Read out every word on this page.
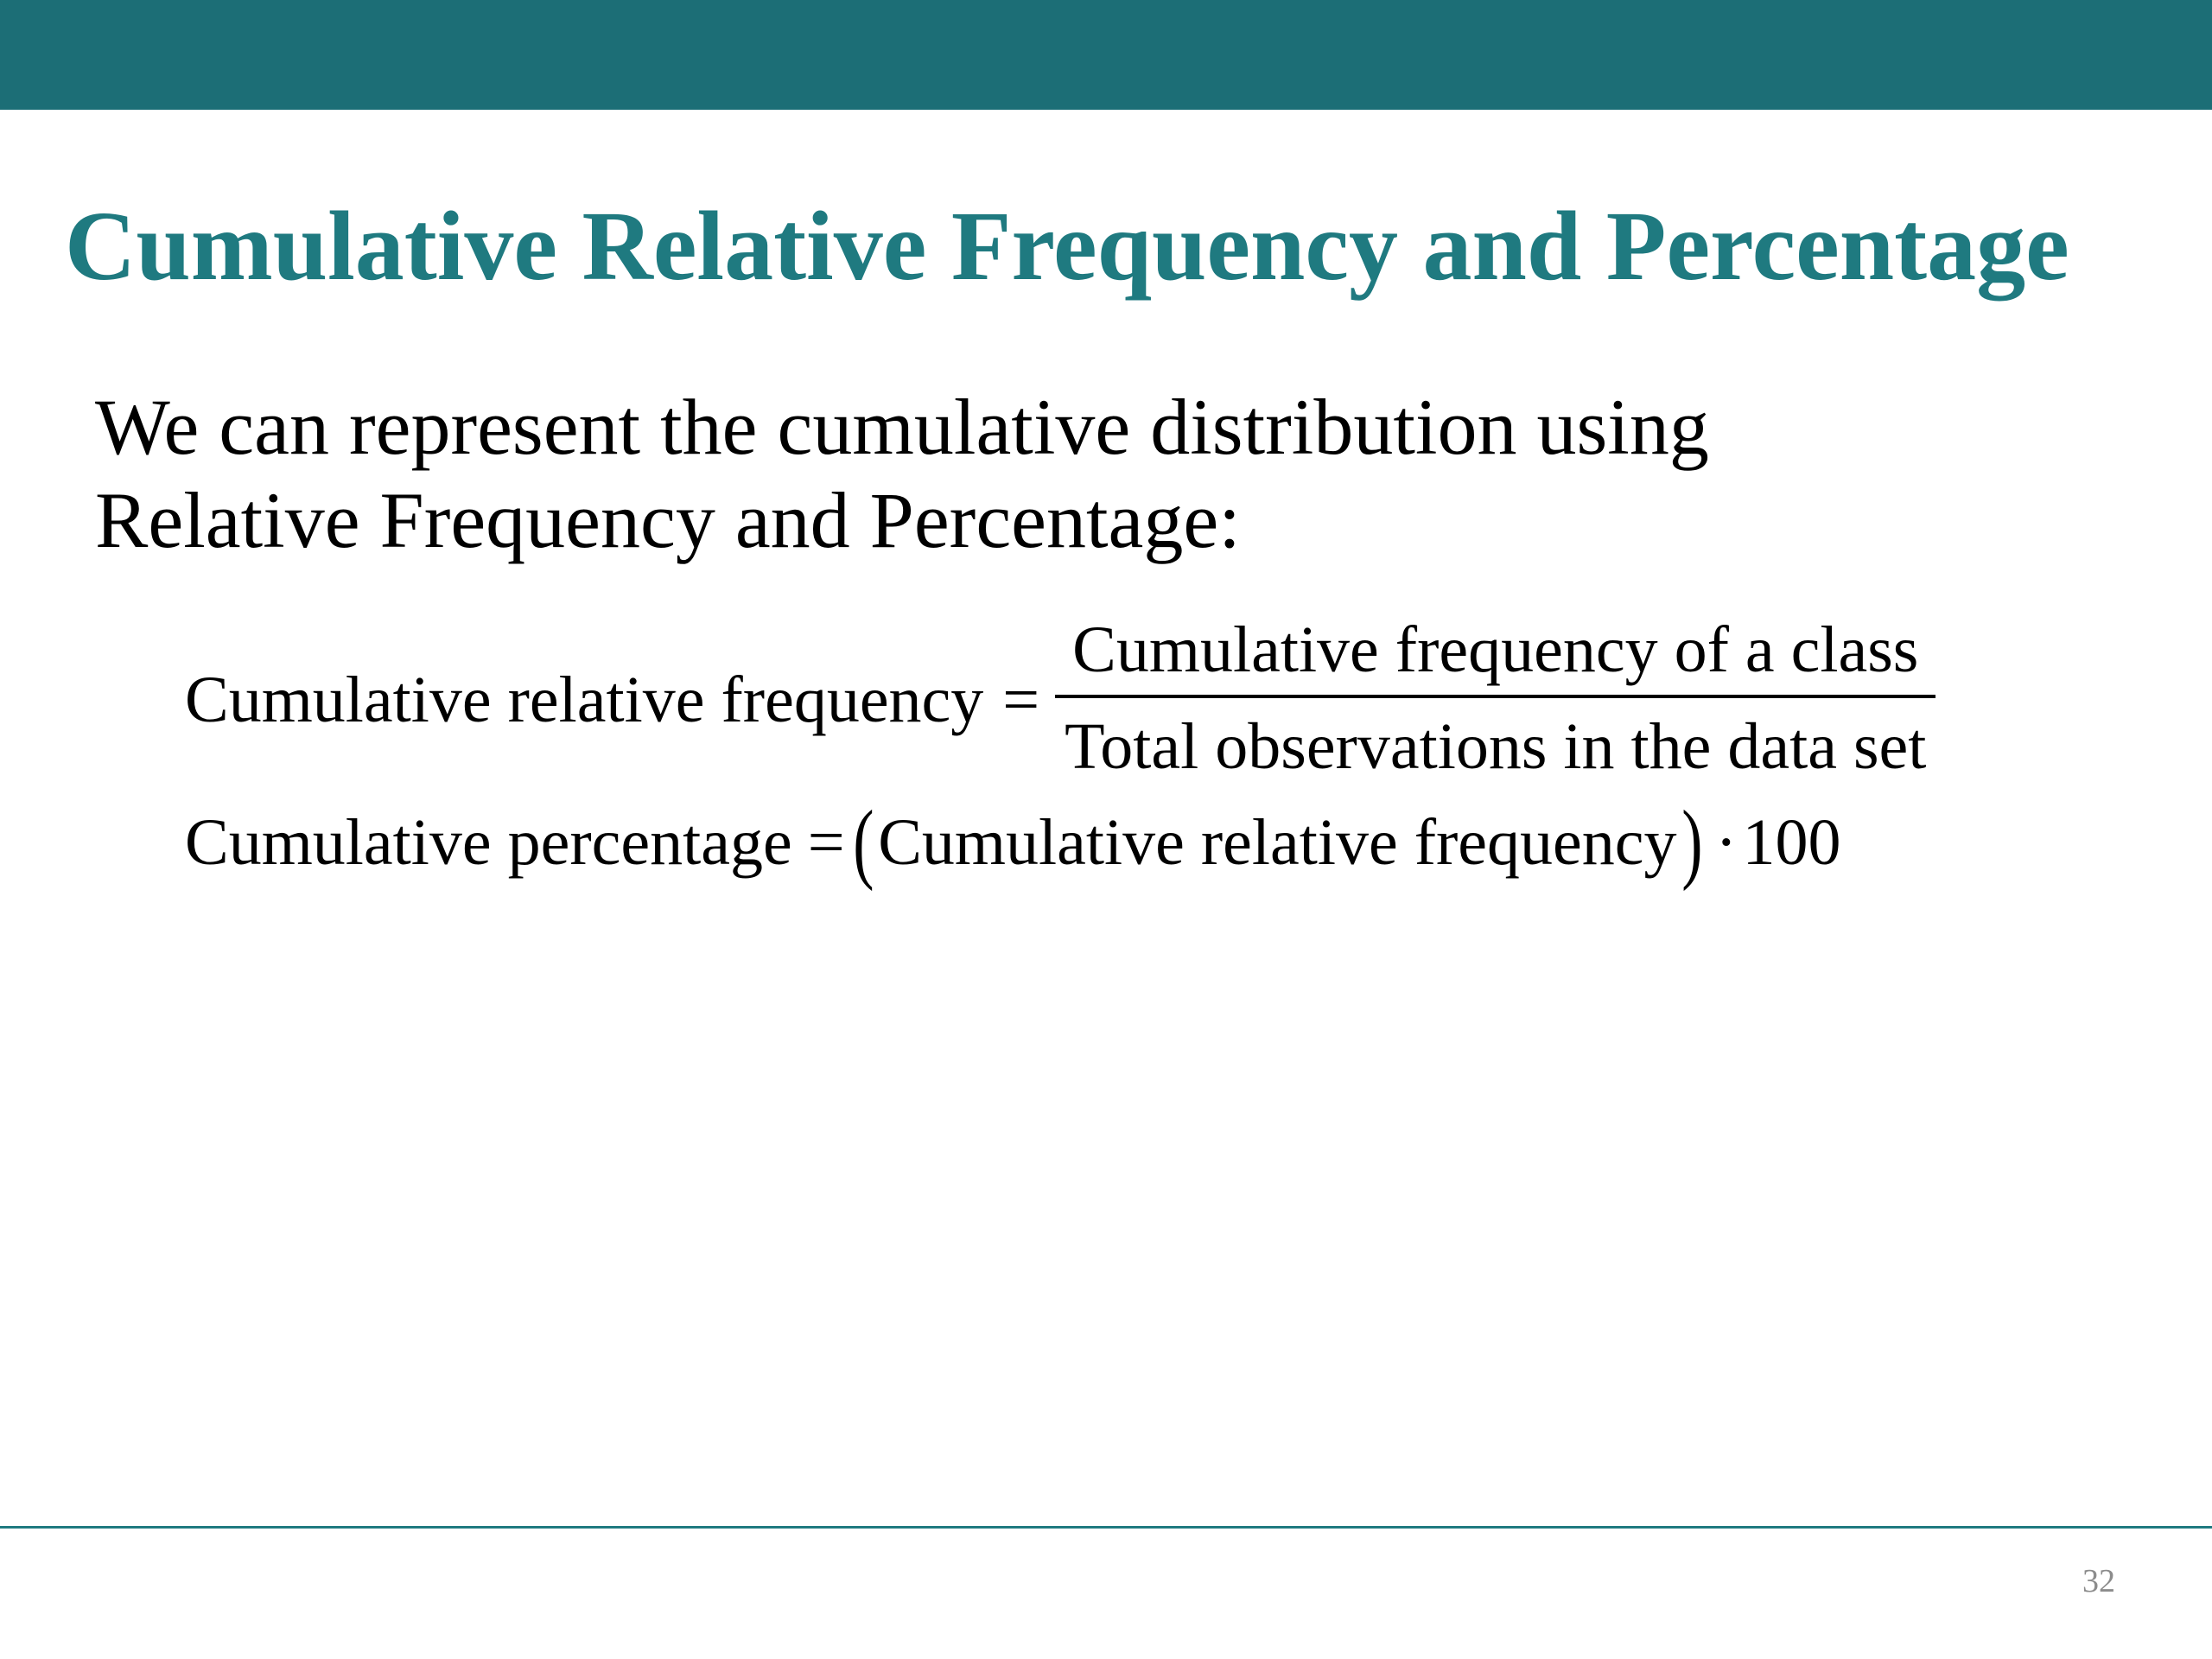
Cumulative Relative Frequency and Percentage
We can represent the cumulative distribution using
Relative Frequency and Percentage:
Cumulative relative frequency = $\frac{\text{Cumulative frequency of a class}}{\text{Total observations in the data set}}$
Cumulative percentage = ( Cumulative relative frequency ) · 100
32
